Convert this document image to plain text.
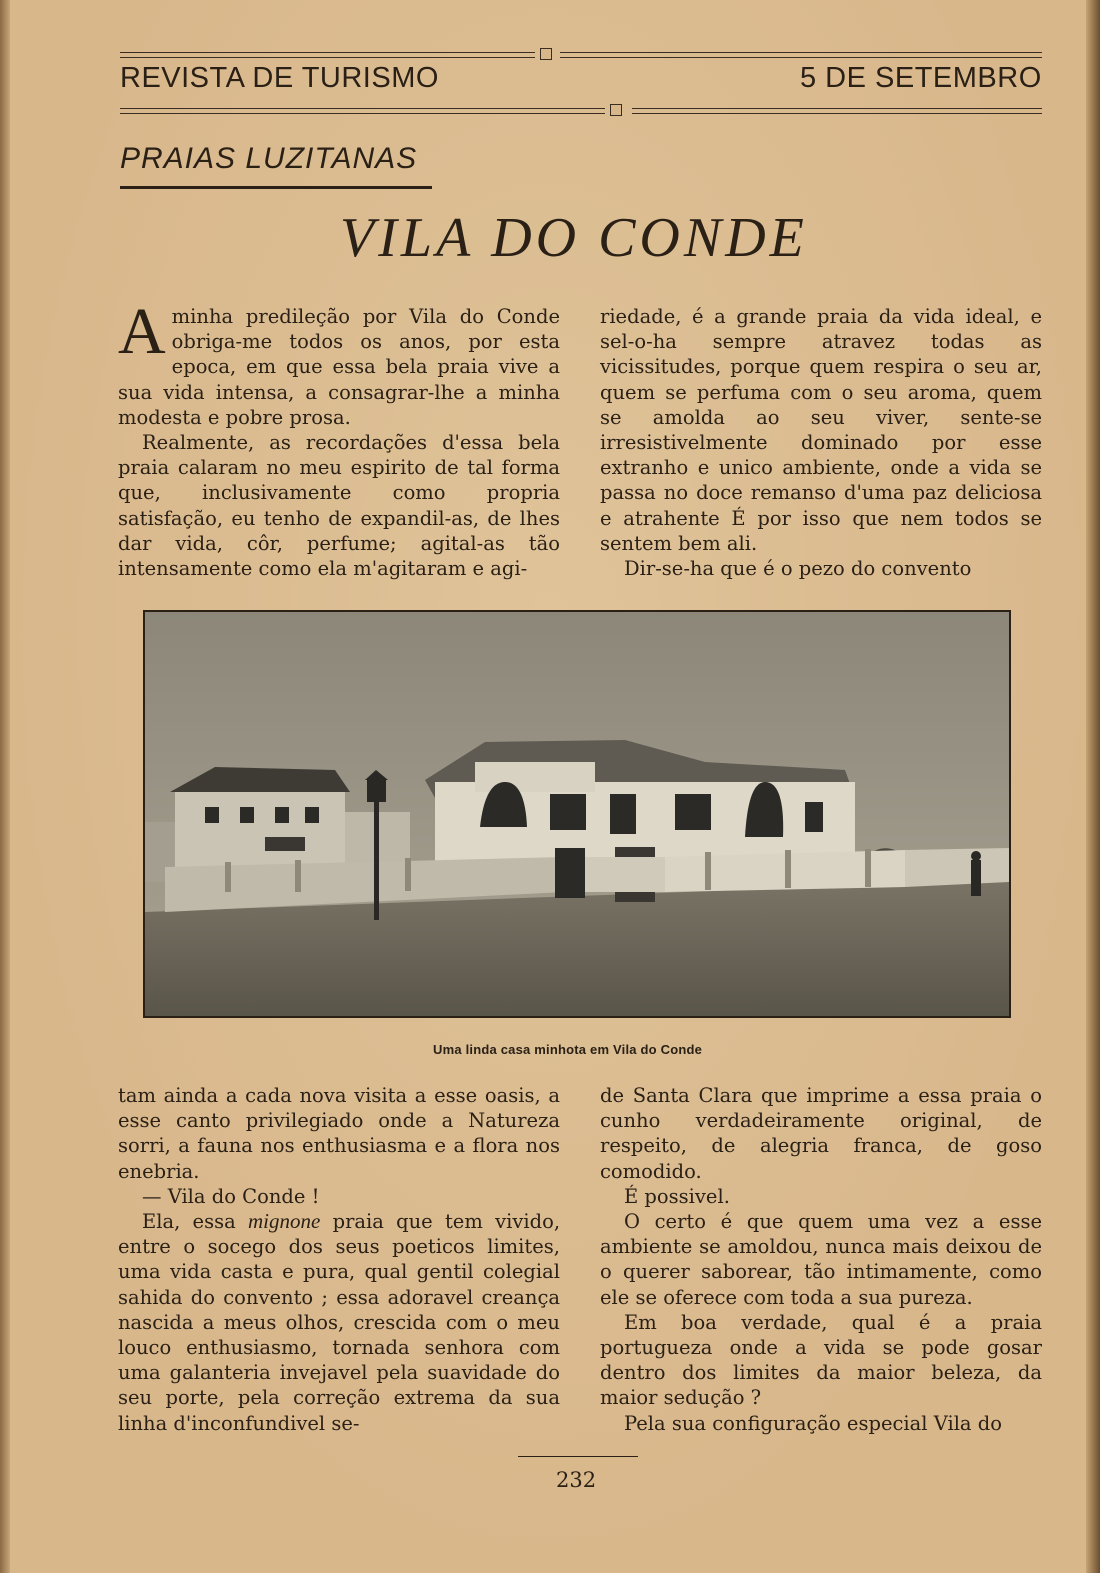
REVISTA DE TURISMO	5 DE SETEMBRO
PRAIAS LUZITANAS
VILA DO CONDE

Aminha predileção por Vila do Conde obriga-me todos os anos, por esta epoca, em que essa bela praia vive a sua vida intensa, a consagrar-lhe a minha modesta e pobre prosa.

Realmente, as recordações d'essa bela praia calaram no meu espirito de tal forma que, inclusivamente como propria satisfação, eu tenho de expandil-as, de lhes dar vida, côr, perfume; agital-as tão intensamente como ela m'agitaram e agi-

riedade, é a grande praia da vida ideal, e sel-o-ha sempre atravez todas as vicissitudes, porque quem respira o seu ar, quem se perfuma com o seu aroma, quem se amolda ao seu viver, sente-se irresistivelmente dominado por esse extranho e unico ambiente, onde a vida se passa no doce remanso d'uma paz deliciosa e atrahente É por isso que nem todos se sentem bem ali.

Dir-se-ha que é o pezo do convento

Uma linda casa minhota em Vila do Conde

tam ainda a cada nova visita a esse oasis, a esse canto privilegiado onde a Natureza sorri, a fauna nos enthusiasma e a flora nos enebria.

— Vila do Conde !

Ela, essa mignone praia que tem vivido, entre o socego dos seus poeticos limites, uma vida casta e pura, qual gentil colegial sahida do convento ; essa adoravel creança nascida a meus olhos, crescida com o meu louco enthusiasmo, tornada senhora com uma galanteria invejavel pela suavidade do seu porte, pela correção extrema da sua linha d'inconfundivel se-

de Santa Clara que imprime a essa praia o cunho verdadeiramente original, de respeito, de alegria franca, de goso comodido.

É possivel.

O certo é que quem uma vez a esse ambiente se amoldou, nunca mais deixou de o querer saborear, tão intimamente, como ele se oferece com toda a sua pureza.

Em boa verdade, qual é a praia portugueza onde a vida se pode gosar dentro dos limites da maior beleza, da maior sedução ?

Pela sua configuração especial Vila do

232
